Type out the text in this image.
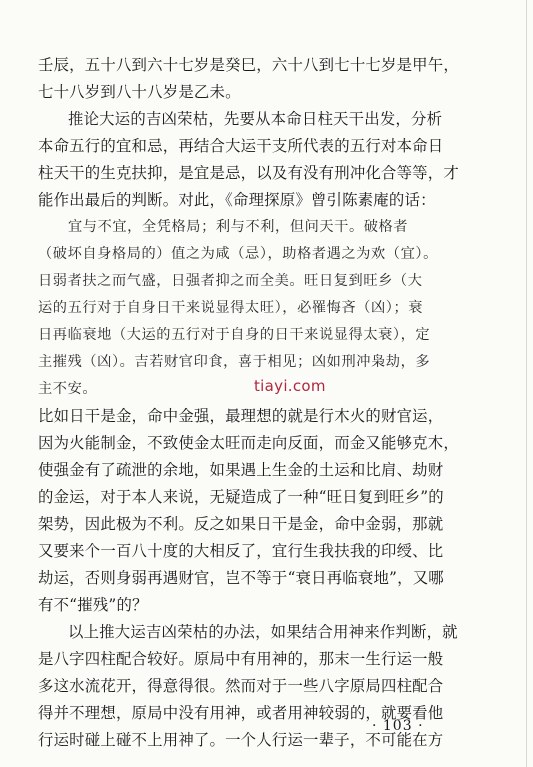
壬辰，五十八到六十七岁是癸巳，六十八到七十七岁是甲午，
七十八岁到八十八岁是乙未。
推论大运的吉凶荣枯，先要从本命日柱天干出发，分析
本命五行的宜和忌，再结合大运干支所代表的五行对本命日
柱天干的生克扶抑，是宜是忌，以及有没有刑冲化合等等，才
能作出最后的判断。对此，《命理探原》曾引陈素庵的话：
宜与不宜，全凭格局；利与不利，但问天干。破格者
（破坏自身格局的）值之为咸（忌），助格者遇之为欢（宜）。
日弱者扶之而气盛，日强者抑之而全美。旺日复到旺乡（大
运的五行对于自身日干来说显得太旺），必罹悔吝（凶）；衰
日再临衰地（大运的五行对于自身的日干来说显得太衰），定
主摧残（凶）。吉若财官印食，喜于相见；凶如刑冲枭劫，多
主不安。
比如日干是金，命中金强，最理想的就是行木火的财官运，
因为火能制金，不致使金太旺而走向反面，而金又能够克木，
使强金有了疏泄的余地，如果遇上生金的土运和比肩、劫财
的金运，对于本人来说，无疑造成了一种“旺日复到旺乡”的
架势，因此极为不利。反之如果日干是金，命中金弱，那就
又要来个一百八十度的大相反了，宜行生我扶我的印绶、比
劫运，否则身弱再遇财官，岂不等于“衰日再临衰地”，又哪
有不“摧残”的？
以上推大运吉凶荣枯的办法，如果结合用神来作判断，就
是八字四柱配合较好。原局中有用神的，那末一生行运一般
多这水流花开，得意得很。然而对于一些八字原局四柱配合
得并不理想，原局中没有用神，或者用神较弱的，就要看他
行运时碰上碰不上用神了。一个人行运一辈子，不可能在方
tiayi.com
· 103 ·
